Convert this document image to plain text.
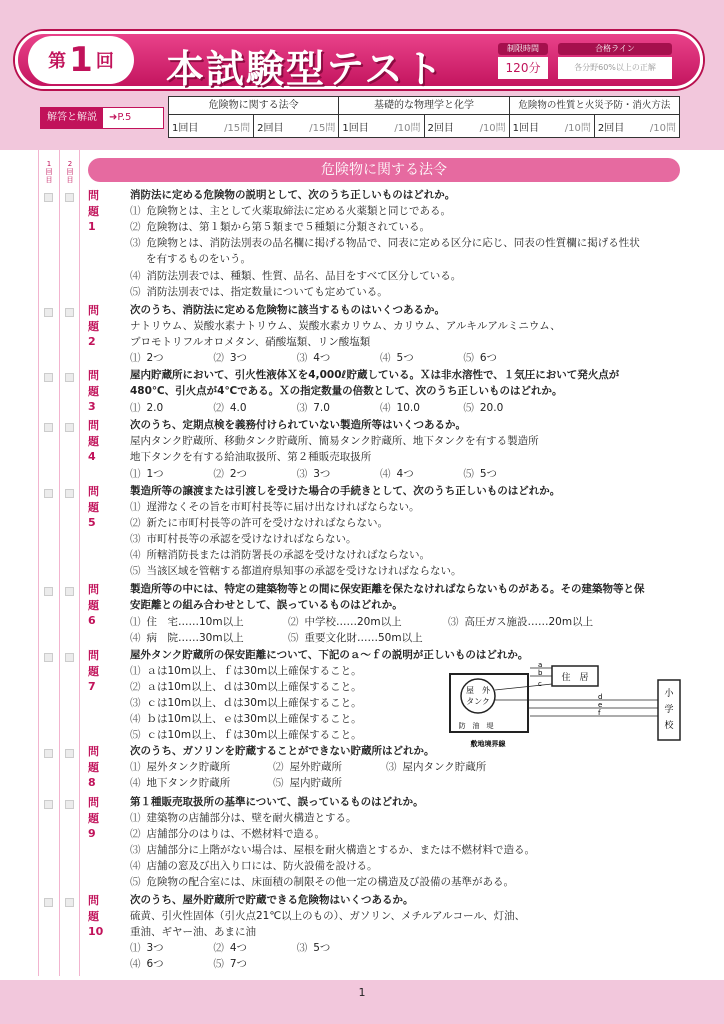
第 1 回 本試験型テスト	制限時間
120分
合格ライン
各分野60%以上の正解
解答と解説	➜P.5
危険物に関する法令
1回目	/15問 2回目	/15問
基礎的な物理学と化学
1回目	/10問 2回目	/10問
危険物の性質と火災予防・消火方法
1回目	/10問 2回目	/10問
1回目
2回目
危険物に関する法令
問題 1
消防法に定める危険物の説明として、次のうち正しいものはどれか。
⑴ 危険物とは、主として火薬取締法に定める火薬類と同じである。
⑵ 危険物は、第１類から第５類まで５種類に分類されている。
⑶ 危険物とは、消防法別表の品名欄に掲げる物品で、同表に定める区分に応じ、同表の性質欄に掲げる性状
を有するものをいう。
⑷ 消防法別表では、種類、性質、品名、品目をすべて区分している。
⑸ 消防法別表では、指定数量についても定めている。
問題 2
次のうち、消防法に定める危険物に該当するものはいくつあるか。
ナトリウム、炭酸水素ナトリウム、炭酸水素カリウム、カリウム、アルキルアルミニウム、
ブロモトリフルオロメタン、硝酸塩類、リン酸塩類
⑴ 2つ	⑵ 3つ	⑶ 4つ	⑷ 5つ	⑸ 6つ
問題 3
屋内貯蔵所において、引火性液体Ｘを4,000ℓ貯蔵している。Ｘは非水溶性で、１気圧において発火点が
480℃、引火点が4℃である。Ｘの指定数量の倍数として、次のうち正しいものはどれか。
⑴ 2.0	⑵ 4.0	⑶ 7.0	⑷ 10.0	⑸ 20.0
問題 4
次のうち、定期点検を義務付けられていない製造所等はいくつあるか。
屋内タンク貯蔵所、移動タンク貯蔵所、簡易タンク貯蔵所、地下タンクを有する製造所
地下タンクを有する給油取扱所、第２種販売取扱所
⑴ 1つ	⑵ 2つ	⑶ 3つ	⑷ 4つ	⑸ 5つ
問題 5
製造所等の譲渡または引渡しを受けた場合の手続きとして、次のうち正しいものはどれか。
⑴ 遅滞なくその旨を市町村長等に届け出なければならない。
⑵ 新たに市町村長等の許可を受けなければならない。
⑶ 市町村長等の承認を受けなければならない。
⑷ 所轄消防長または消防署長の承認を受けなければならない。
⑸ 当該区域を管轄する都道府県知事の承認を受けなければならない。
問題 6
製造所等の中には、特定の建築物等との間に保安距離を保たなければならないものがある。その建築物等と保
安距離との組み合わせとして、誤っているものはどれか。
⑴ 住　宅……10m以上	⑵ 中学校……20m以上	⑶ 高圧ガス施設……20m以上
⑷ 病　院……30m以上	⑸ 重要文化財……50m以上
問題 7
屋外タンク貯蔵所の保安距離について、下記のａ～ｆの説明が正しいものはどれか。
⑴ ａは10m以上、ｆは30m以上確保すること。
⑵ ａは10m以上、ｄは30m以上確保すること。
⑶ ｃは10m以上、ｄは30m以上確保すること。
⑷ ｂは10m以上、ｅは30m以上確保すること。
⑸ ｃは10m以上、ｆは30m以上確保すること。
屋　外
タンク
防　油　堤
敷地境界線
住　居
小
学
校
a
b
c
d
e
f
問題 8
次のうち、ガソリンを貯蔵することができない貯蔵所はどれか。
⑴ 屋外タンク貯蔵所	⑵ 屋外貯蔵所	⑶ 屋内タンク貯蔵所
⑷ 地下タンク貯蔵所	⑸ 屋内貯蔵所
問題 9
第１種販売取扱所の基準について、誤っているものはどれか。
⑴ 建築物の店舗部分は、壁を耐火構造とする。
⑵ 店舗部分のはりは、不燃材料で造る。
⑶ 店舗部分に上階がない場合は、屋根を耐火構造とするか、または不燃材料で造る。
⑷ 店舗の窓及び出入り口には、防火設備を設ける。
⑸ 危険物の配合室には、床面積の制限その他一定の構造及び設備の基準がある。
問題10
次のうち、屋外貯蔵所で貯蔵できる危険物はいくつあるか。
硫黄、引火性固体（引火点21℃以上のもの）、ガソリン、メチルアルコール、灯油、
重油、ギヤー油、あまに油
⑴ 3つ	⑵ 4つ	⑶ 5つ
⑷ 6つ	⑸ 7つ
1
